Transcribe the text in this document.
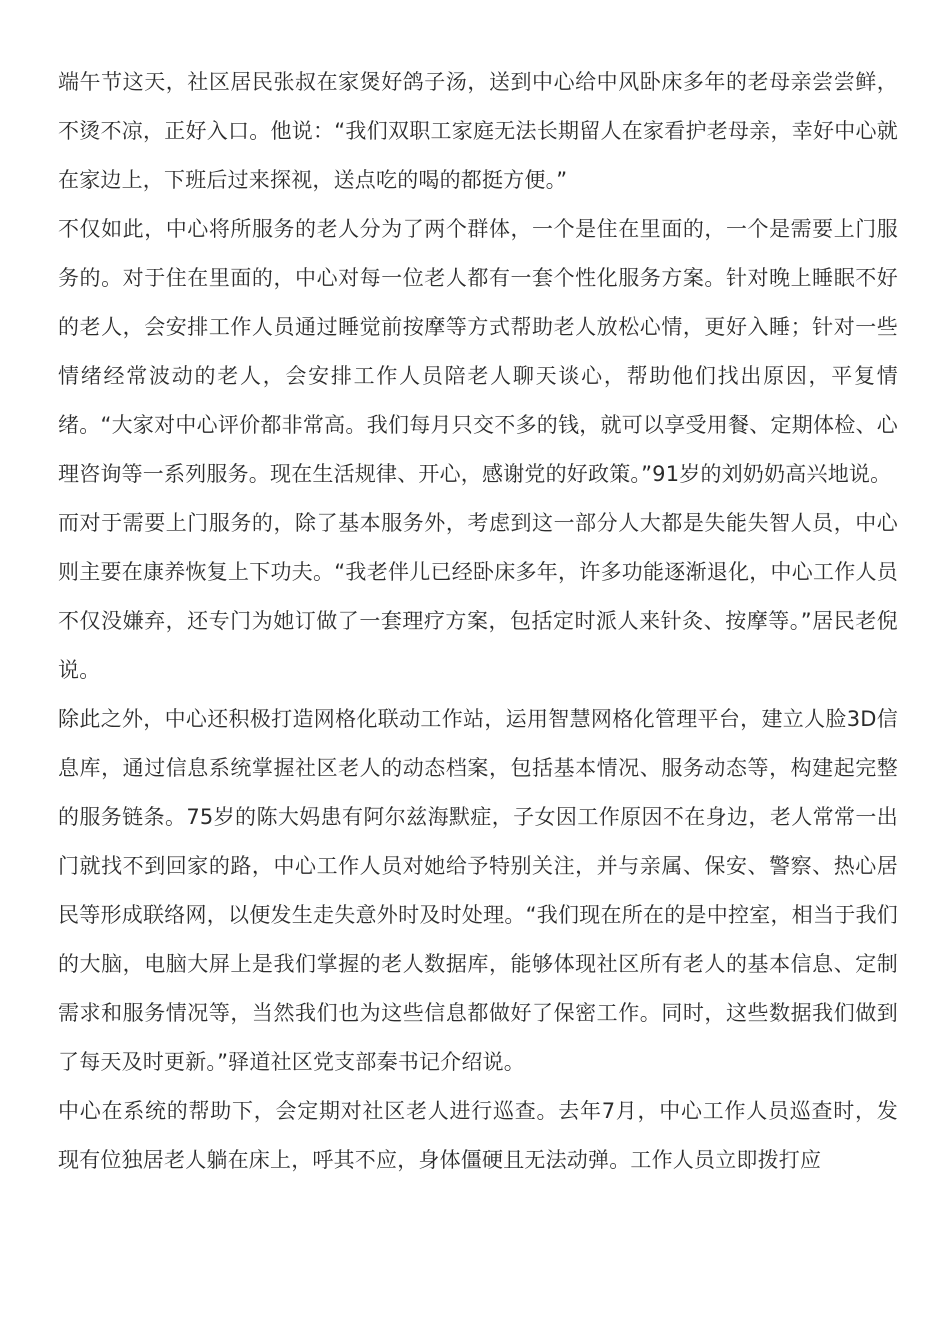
端午节这天，社区居民张叔在家煲好鸽子汤，送到中心给中风卧床多年的老母亲尝尝鲜，不烫不凉，正好入口。他说：“我们双职工家庭无法长期留人在家看护老母亲，幸好中心就在家边上，下班后过来探视，送点吃的喝的都挺方便。”

不仅如此，中心将所服务的老人分为了两个群体，一个是住在里面的，一个是需要上门服务的。对于住在里面的，中心对每一位老人都有一套个性化服务方案。针对晚上睡眠不好的老人，会安排工作人员通过睡觉前按摩等方式帮助老人放松心情，更好入睡；针对一些情绪经常波动的老人，会安排工作人员陪老人聊天谈心，帮助他们找出原因，平复情绪。“大家对中心评价都非常高。我们每月只交不多的钱，就可以享受用餐、定期体检、心理咨询等一系列服务。现在生活规律、开心，感谢党的好政策。”91岁的刘奶奶高兴地说。

而对于需要上门服务的，除了基本服务外，考虑到这一部分人大都是失能失智人员，中心则主要在康养恢复上下功夫。“我老伴儿已经卧床多年，许多功能逐渐退化，中心工作人员不仅没嫌弃，还专门为她订做了一套理疗方案，包括定时派人来针灸、按摩等。”居民老倪说。

除此之外，中心还积极打造网格化联动工作站，运用智慧网格化管理平台，建立人脸3D信息库，通过信息系统掌握社区老人的动态档案，包括基本情况、服务动态等，构建起完整的服务链条。75岁的陈大妈患有阿尔兹海默症，子女因工作原因不在身边，老人常常一出门就找不到回家的路，中心工作人员对她给予特别关注，并与亲属、保安、警察、热心居民等形成联络网，以便发生走失意外时及时处理。“我们现在所在的是中控室，相当于我们的大脑，电脑大屏上是我们掌握的老人数据库，能够体现社区所有老人的基本信息、定制需求和服务情况等，当然我们也为这些信息都做好了保密工作。同时，这些数据我们做到了每天及时更新。”驿道社区党支部秦书记介绍说。

中心在系统的帮助下，会定期对社区老人进行巡查。去年7月，中心工作人员巡查时，发现有位独居老人躺在床上，呼其不应，身体僵硬且无法动弹。工作人员立即拨打应
